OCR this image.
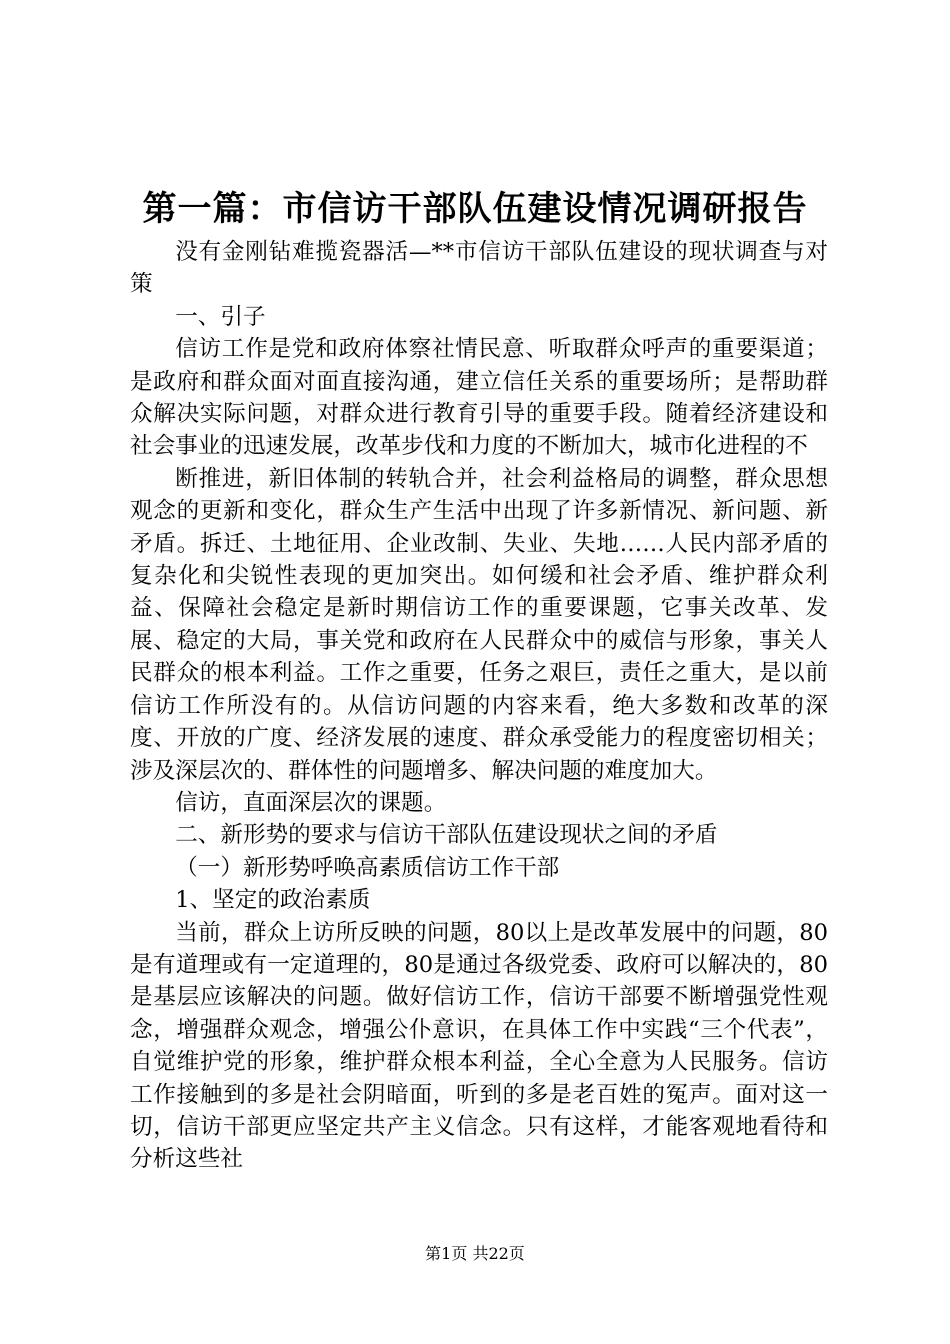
第一篇：市信访干部队伍建设情况调研报告

没有金刚钻难揽瓷器活—**市信访干部队伍建设的现状调查与对策

一、引子

信访工作是党和政府体察社情民意、听取群众呼声的重要渠道；是政府和群众面对面直接沟通，建立信任关系的重要场所；是帮助群众解决实际问题，对群众进行教育引导的重要手段。随着经济建设和社会事业的迅速发展，改革步伐和力度的不断加大，城市化进程的不

断推进，新旧体制的转轨合并，社会利益格局的调整，群众思想观念的更新和变化，群众生产生活中出现了许多新情况、新问题、新矛盾。拆迁、土地征用、企业改制、失业、失地……人民内部矛盾的复杂化和尖锐性表现的更加突出。如何缓和社会矛盾、维护群众利益、保障社会稳定是新时期信访工作的重要课题，它事关改革、发展、稳定的大局，事关党和政府在人民群众中的威信与形象，事关人民群众的根本利益。工作之重要，任务之艰巨，责任之重大，是以前信访工作所没有的。从信访问题的内容来看，绝大多数和改革的深度、开放的广度、经济发展的速度、群众承受能力的程度密切相关；涉及深层次的、群体性的问题增多、解决问题的难度加大。

信访，直面深层次的课题。

二、新形势的要求与信访干部队伍建设现状之间的矛盾

（一）新形势呼唤高素质信访工作干部

1、坚定的政治素质

当前，群众上访所反映的问题，80以上是改革发展中的问题，80是有道理或有一定道理的，80是通过各级党委、政府可以解决的，80是基层应该解决的问题。做好信访工作，信访干部要不断增强党性观念，增强群众观念，增强公仆意识，在具体工作中实践“三个代表”，自觉维护党的形象，维护群众根本利益，全心全意为人民服务。信访工作接触到的多是社会阴暗面，听到的多是老百姓的冤声。面对这一切，信访干部更应坚定共产主义信念。只有这样，才能客观地看待和分析这些社

第1页 共22页
